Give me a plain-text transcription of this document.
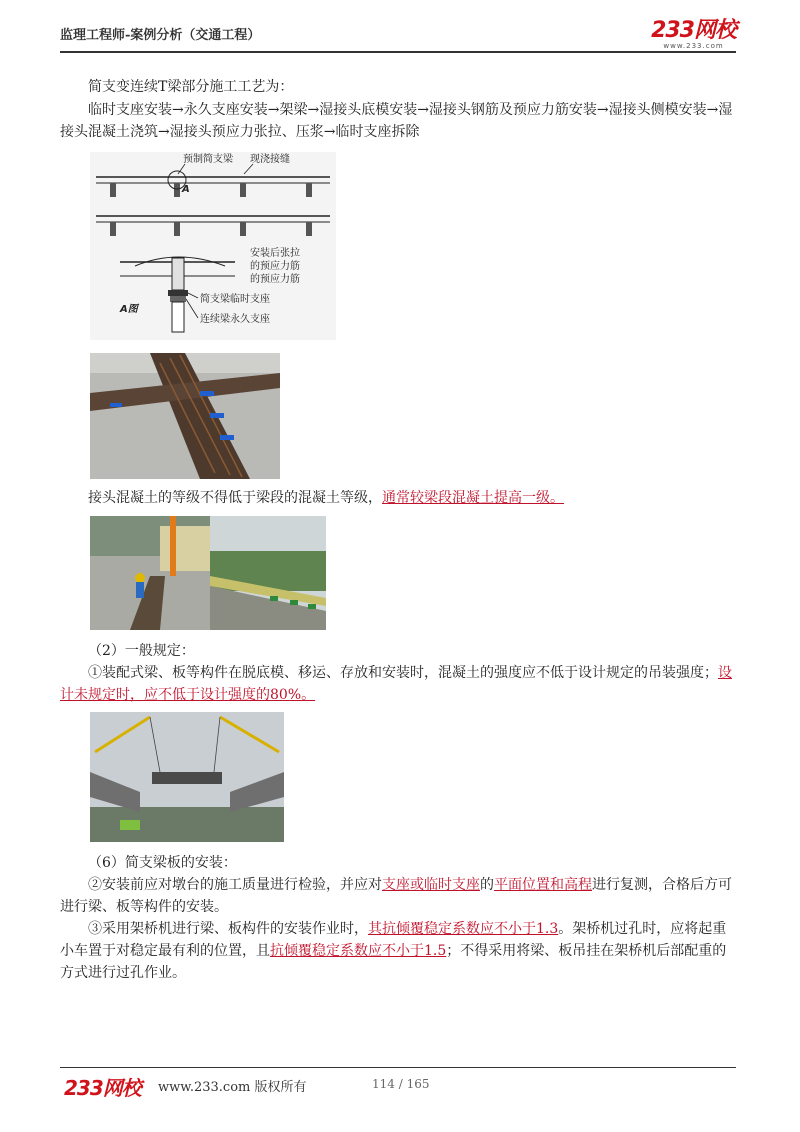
监理工程师-案例分析（交通工程）	233网校
www.233.com
简支变连续T梁部分施工工艺为：
临时支座安装→永久支座安装→架梁→湿接头底模安装→湿接头钢筋及预应力筋安装→湿接头侧模安装→湿接头混凝土浇筑→湿接头预应力张拉、压浆→临时支座拆除
预制简支梁 现浇接缝
A
安装后张拉
的预应力筋
的预应力筋
A图
简支梁临时支座
连续梁永久支座
接头混凝土的等级不得低于梁段的混凝土等级，通常较梁段混凝土提高一级。
（2）一般规定：
①装配式梁、板等构件在脱底模、移运、存放和安装时，混凝土的强度应不低于设计规定的吊装强度；设计未规定时，应不低于设计强度的80%。
（6）简支梁板的安装：
②安装前应对墩台的施工质量进行检验，并应对支座或临时支座的平面位置和高程进行复测，合格后方可进行梁、板等构件的安装。
③采用架桥机进行梁、板构件的安装作业时，其抗倾覆稳定系数应不小于1.3。架桥机过孔时，应将起重小车置于对稳定最有利的位置，且抗倾覆稳定系数应不小于1.5；不得采用将梁、板吊挂在架桥机后部配重的方式进行过孔作业。
233网校 www.233.com 版权所有	114 / 165
